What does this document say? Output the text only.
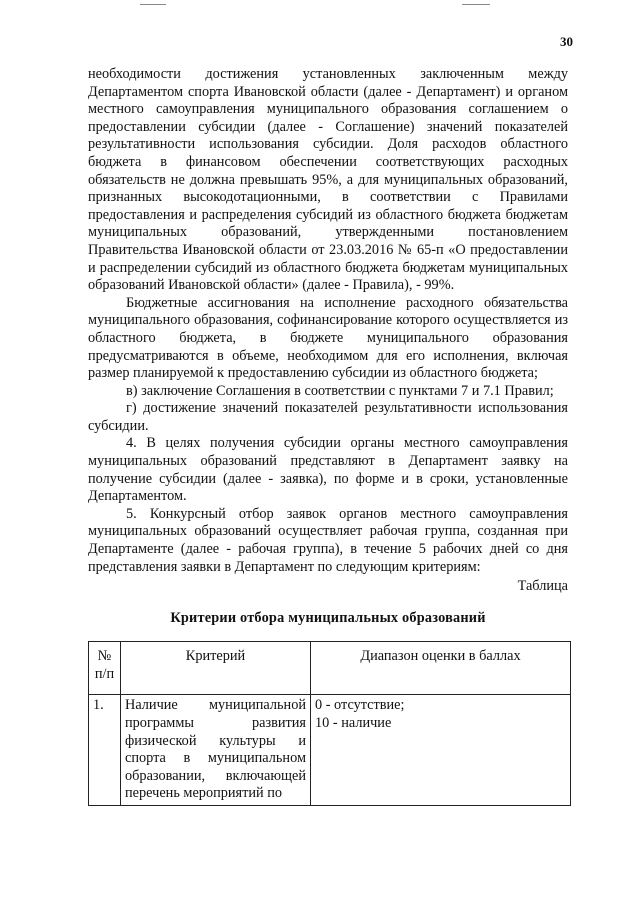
30

необходимости достижения установленных заключенным между Департаментом спорта Ивановской области (далее - Департамент) и органом местного самоуправления муниципального образования соглашением о предоставлении субсидии (далее - Соглашение) значений показателей результативности использования субсидии. Доля расходов областного бюджета в финансовом обеспечении соответствующих расходных обязательств не должна превышать 95%, а для муниципальных образований, признанных высокодотационными, в соответствии с Правилами предоставления и распределения субсидий из областного бюджета бюджетам муниципальных образований, утвержденными постановлением Правительства Ивановской области от 23.03.2016 № 65-п «О предоставлении и распределении субсидий из областного бюджета бюджетам муниципальных образований Ивановской области» (далее - Правила), - 99%.

Бюджетные ассигнования на исполнение расходного обязательства муниципального образования, софинансирование которого осуществляется из областного бюджета, в бюджете муниципального образования предусматриваются в объеме, необходимом для его исполнения, включая размер планируемой к предоставлению субсидии из областного бюджета;

в) заключение Соглашения в соответствии с пунктами 7 и 7.1 Правил;

г) достижение значений показателей результативности использования субсидии.

4. В целях получения субсидии органы местного самоуправления муниципальных образований представляют в Департамент заявку на получение субсидии (далее - заявка), по форме и в сроки, установленные Департаментом.

5. Конкурсный отбор заявок органов местного самоуправления муниципальных образований осуществляет рабочая группа, созданная при Департаменте (далее - рабочая группа), в течение 5 рабочих дней со дня представления заявки в Департамент по следующим критериям:

Таблица

Критерии отбора муниципальных образований

№ п/п	Критерий	Диапазон оценки в баллах
1.	Наличие муниципальной программы развития физической культуры и спорта в муниципальном образовании, включающей перечень мероприятий по	0 - отсутствие;
10 - наличие
